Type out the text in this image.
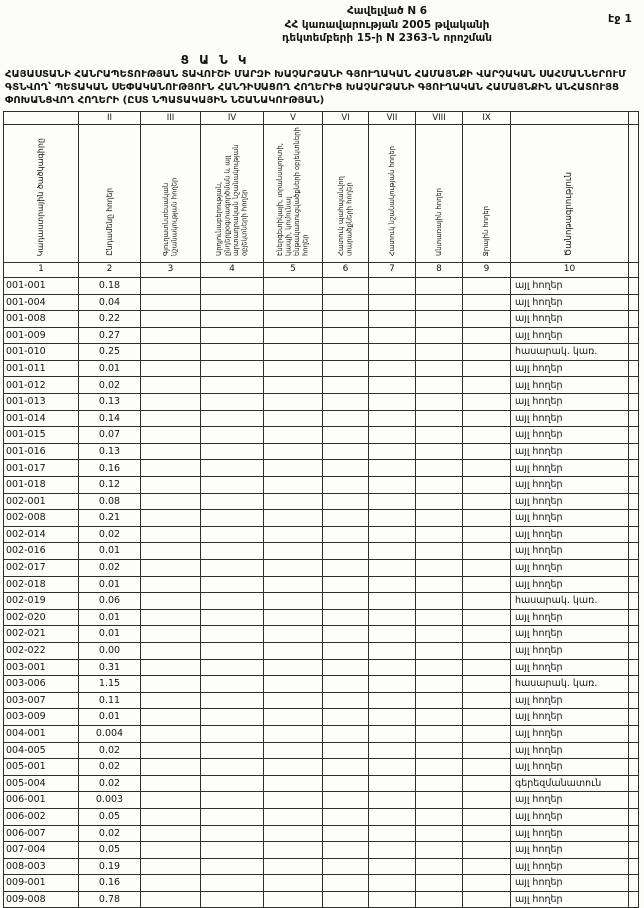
էջ 1
Հավելված N 6
ՀՀ կառավարության 2005 թվականի
դեկտեմբերի 15-ի N 2363-Ն որոշման
Ց Ա Ն Կ
ՀԱՅԱՍՏԱՆԻ ՀԱՆՐԱՊԵՏՈՒԹՅԱՆ ՏԱՎՈՒՇԻ ՄԱՐԶԻ ԽԱՉԱՐՁԱՆԻ ԳՅՈՒՂԱԿԱՆ ՀԱՄԱՅՆՔԻ ՎԱՐՉԱԿԱՆ ՍԱՀՄԱՆՆԵՐՈՒՄ ԳՏՆՎՈՂ՝ ՊԵՏԱԿԱՆ ՍԵՓԱԿԱՆՈՒԹՅՈՒՆ ՀԱՆԴԻՍԱՑՈՂ ՀՈՂԵՐԻՑ ԽԱՉԱՐՁԱՆԻ ԳՅՈՒՂԱԿԱՆ ՀԱՄԱՅՆՔԻՆ ԱՆՀԱՏՈՒՅՑ ՓՈԽԱՆՑՎՈՂ ՀՈՂԵՐԻ (ԸՍՏ ՆՊԱՏԱԿԱՅԻՆ ՆՇԱՆԱԿՈՒԹՅԱՆ)
	II	III	IV	V	VI	VII	VIII	IX		
Կադաստրային ծածկագիրը	Ընդամենը հողեր	Գյուղատնտեսական նշանակության հողեր	Արդյունաբերության, ընդերքօգտագործման և այլ արտադրական նշանակության օբյեկտների հողեր	Էներգետիկայի, տրանսպորտի, կապի, կոմունալ ենթակառուցվածքների օբյեկտների հողեր	Հատուկ պահպանվող տարածքների հողեր	Հատուկ նշանակության հողեր	Անտառային հողեր	Ջրային հողեր	Ծանոթագրություն	
1	2	3	4	5	6	7	8	9	10	
001-001	0.18								այլ հողեր	
001-004	0.04								այլ հողեր	
001-008	0.22								այլ հողեր	
001-009	0.27								այլ հողեր	
001-010	0.25								հասարակ. կառ.	
001-011	0.01								այլ հողեր	
001-012	0.02								այլ հողեր	
001-013	0.13								այլ հողեր	
001-014	0.14								այլ հողեր	
001-015	0.07								այլ հողեր	
001-016	0.13								այլ հողեր	
001-017	0.16								այլ հողեր	
001-018	0.12								այլ հողեր	
002-001	0.08								այլ հողեր	
002-008	0.21								այլ հողեր	
002-014	0.02								այլ հողեր	
002-016	0.01								այլ հողեր	
002-017	0.02								այլ հողեր	
002-018	0.01								այլ հողեր	
002-019	0.06								հասարակ. կառ.	
002-020	0.01								այլ հողեր	
002-021	0.01								այլ հողեր	
002-022	0.00								այլ հողեր	
003-001	0.31								այլ հողեր	
003-006	1.15								հասարակ. կառ.	
003-007	0.11								այլ հողեր	
003-009	0.01								այլ հողեր	
004-001	0.004								այլ հողեր	
004-005	0.02								այլ հողեր	
005-001	0.02								այլ հողեր	
005-004	0.02								գերեզմանատուն	
006-001	0.003								այլ հողեր	
006-002	0.05								այլ հողեր	
006-007	0.02								այլ հողեր	
007-004	0.05								այլ հողեր	
008-003	0.19								այլ հողեր	
009-001	0.16								այլ հողեր	
009-008	0.78								այլ հողեր	
